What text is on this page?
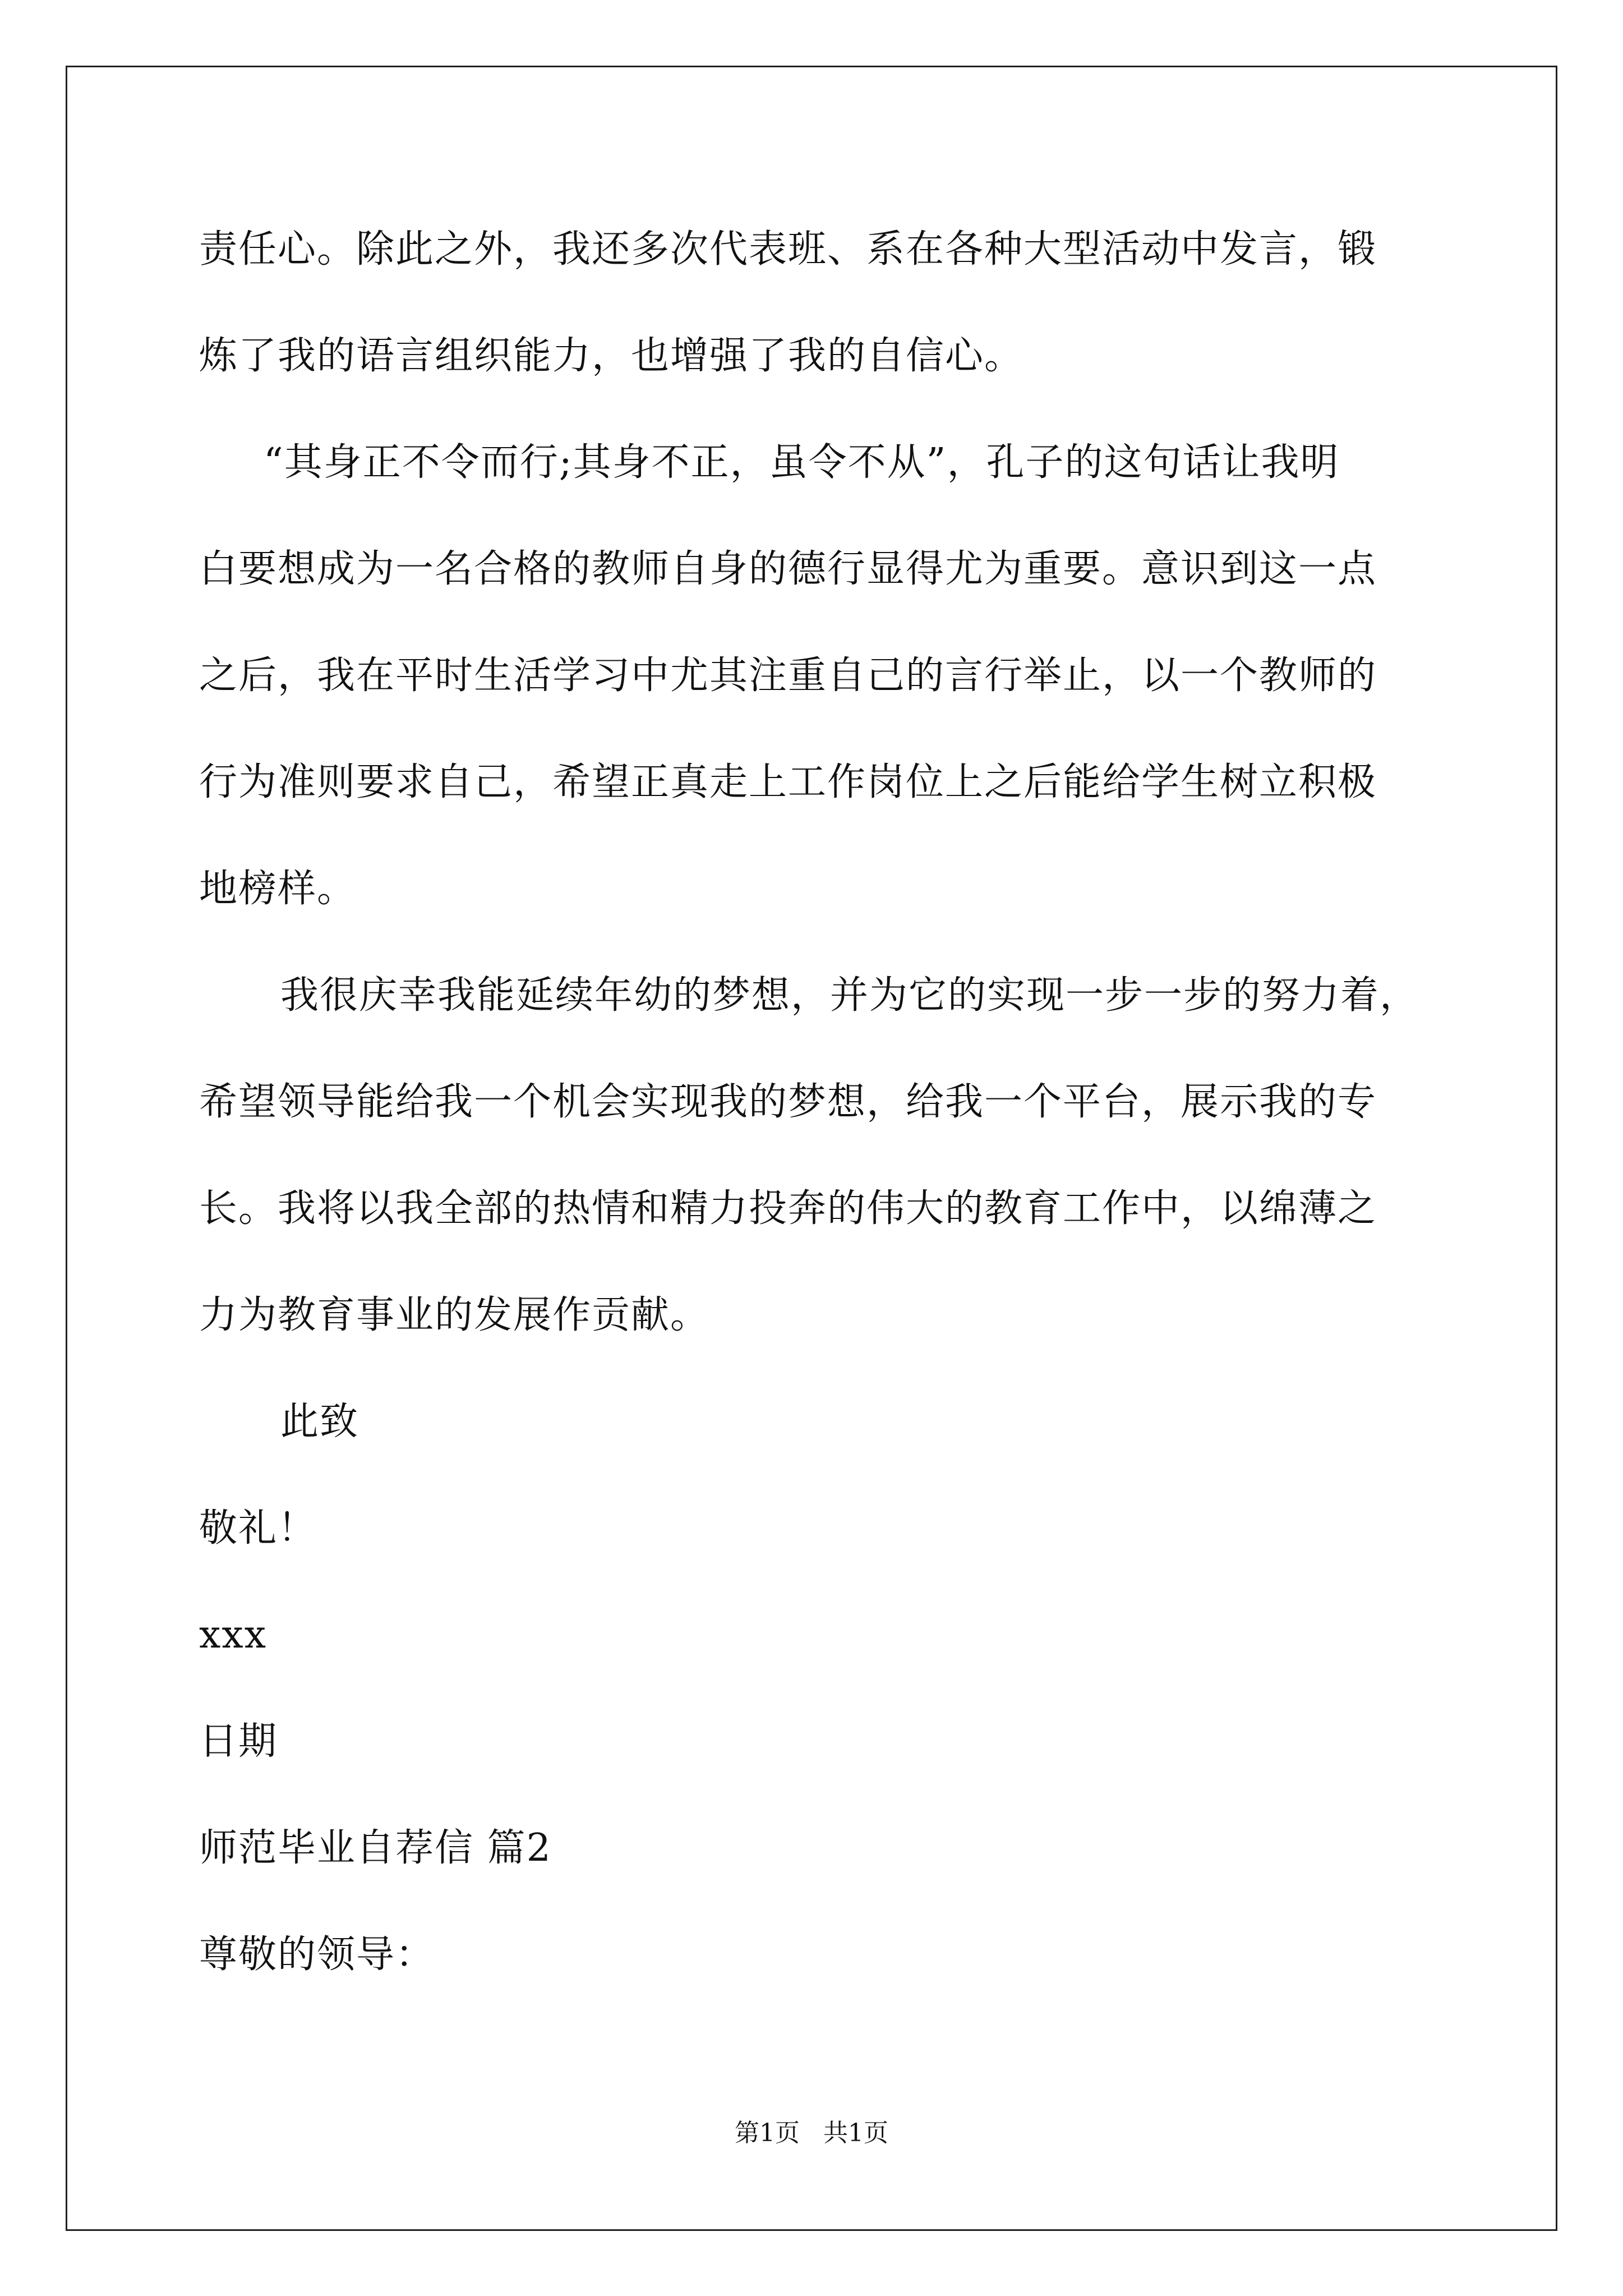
责任心。除此之外，我还多次代表班、系在各种大型活动中发言，锻
炼了我的语言组织能力，也增强了我的自信心。
“其身正不令而行;其身不正，虽令不从”，孔子的这句话让我明
白要想成为一名合格的教师自身的德行显得尤为重要。意识到这一点
之后，我在平时生活学习中尤其注重自己的言行举止，以一个教师的
行为准则要求自己，希望正真走上工作岗位上之后能给学生树立积极
地榜样。
我很庆幸我能延续年幼的梦想，并为它的实现一步一步的努力着，
希望领导能给我一个机会实现我的梦想，给我一个平台，展示我的专
长。我将以我全部的热情和精力投奔的伟大的教育工作中，以绵薄之
力为教育事业的发展作贡献。
此致
敬礼！
xxx
日期
师范毕业自荐信 篇2
尊敬的领导：
第1页   共1页
